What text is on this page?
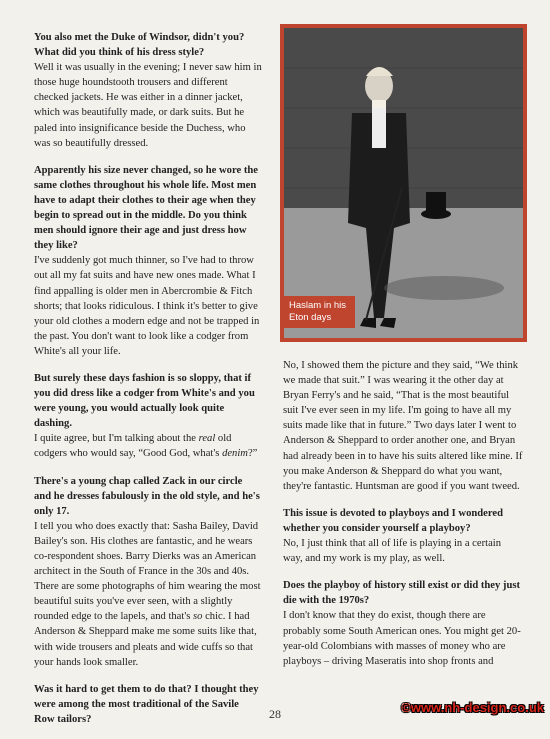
You also met the Duke of Windsor, didn't you? What did you think of his dress style?

Well it was usually in the evening; I never saw him in those huge houndstooth trousers and different checked jackets. He was either in a dinner jacket, which was beautifully made, or dark suits. But he paled into insignificance beside the Duchess, who was so beautifully dressed.

Apparently his size never changed, so he wore the same clothes throughout his whole life. Most men have to adapt their clothes to their age when they begin to spread out in the middle. Do you think men should ignore their age and just dress how they like?

I've suddenly got much thinner, so I've had to throw out all my fat suits and have new ones made. What I find appalling is older men in Abercrombie & Fitch shorts; that looks ridiculous. I think it's better to give your old clothes a modern edge and not be trapped in the past. You don't want to look like a codger from White's all your life.

But surely these days fashion is so sloppy, that if you did dress like a codger from White's and you were young, you would actually look quite dashing.

I quite agree, but I'm talking about the real old codgers who would say, “Good God, what's denim?”

There's a young chap called Zack in our circle and he dresses fabulously in the old style, and he's only 17.

I tell you who does exactly that: Sasha Bailey, David Bailey's son. His clothes are fantastic, and he wears co-respondent shoes. Barry Dierks was an American architect in the South of France in the 30s and 40s. There are some photographs of him wearing the most beautiful suits you've ever seen, with a slightly rounded edge to the lapels, and that's so chic. I had Anderson & Sheppard make me some suits like that, with wide trousers and pleats and wide cuffs so that your hands look smaller.

Was it hard to get them to do that? I thought they were among the most traditional of the Savile Row tailors?

Haslam in his Eton days

No, I showed them the picture and they said, “We think we made that suit.” I was wearing it the other day at Bryan Ferry's and he said, “That is the most beautiful suit I've ever seen in my life. I'm going to have all my suits made like that in future.” Two days later I went to Anderson & Sheppard to order another one, and Bryan had already been in to have his suits altered like mine. If you make Anderson & Sheppard do what you want, they're fantastic. Huntsman are good if you want tweed.

This issue is devoted to playboys and I wondered whether you consider yourself a playboy?

No, I just think that all of life is playing in a certain way, and my work is my play, as well.

Does the playboy of history still exist or did they just die with the 1970s?

I don't know that they do exist, though there are probably some South American ones. You might get 20-year-old Colombians with masses of money who are playboys – driving Maseratis into shop fronts and

28	©www.nh-design.co.uk
